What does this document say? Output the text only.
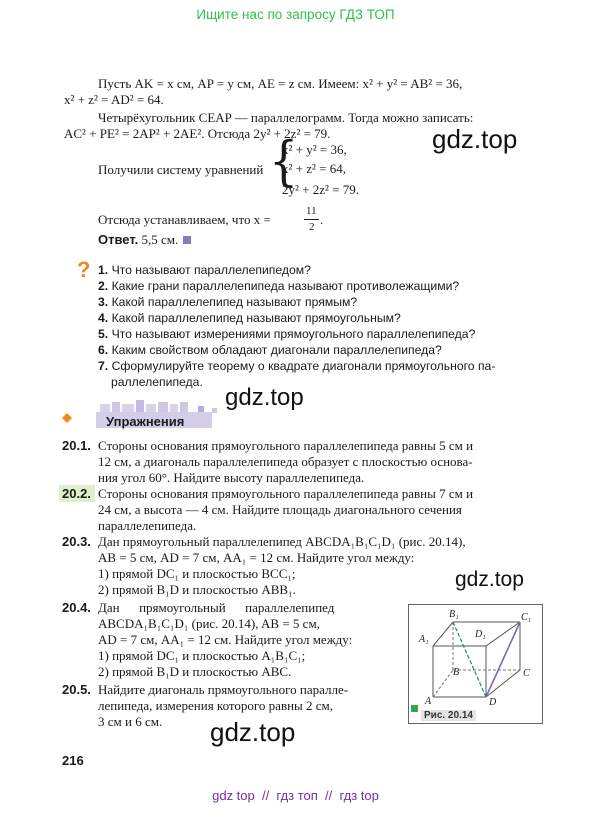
Ищите нас по запросу ГДЗ ТОП
Пусть AK = x см, AP = y см, AE = z см. Имеем: x² + y² = AB² = 36,
x² + z² = AD² = 64.
Четырёхугольник CEAP — параллелограмм. Тогда можно записать:
AC² + PE² = 2AP² + 2AE². Отсюда 2y² + 2z² = 79.
Получили систему уравнений {
x² + y² = 36,
x² + z² = 64,
2y² + 2z² = 79.
Отсюда устанавливаем, что x =
11
2 .
Ответ. 5,5 см.
gdz.top
gdz.top
gdz.top
gdz.top
? 1. Что называют параллелепипедом?
2. Какие грани параллелепипеда называют противолежащими?
3. Какой параллелепипед называют прямым?
4. Какой параллелепипед называют прямоугольным?
5. Что называют измерениями прямоугольного параллелепипеда?
6. Каким свойством обладают диагонали параллелепипеда?
7. Сформулируйте теорему о квадрате диагонали прямоугольного па-
раллелепипеда.
Упражнения
20.1. Стороны основания прямоугольного параллелепипеда равны 5 см и
12 см, а диагональ параллелепипеда образует с плоскостью основа-
ния угол 60°. Найдите высоту параллелепипеда.
20.2. Стороны основания прямоугольного параллелепипеда равны 7 см и
24 см, а высота — 4 см. Найдите площадь диагонального сечения
параллелепипеда.
20.3. Дан прямоугольный параллелепипед ABCDA₁B₁C₁D₁ (рис. 20.14),
AB = 5 см, AD = 7 см, AA₁ = 12 см. Найдите угол между:
1) прямой DC₁ и плоскостью BCC₁;
2) прямой B₁D и плоскостью ABB₁.
20.4. Дан      прямоугольный      параллелепипед
ABCDA₁B₁C₁D₁ (рис. 20.14), AB = 5 см,
AD = 7 см, AA₁ = 12 см. Найдите угол между:
1) прямой DC₁ и плоскостью A₁B₁C₁;
2) прямой B₁D и плоскостью ABC.
20.5. Найдите диагональ прямоугольного паралле-
лепипеда, измерения которого равны 2 см,
3 см и 6 см.
B₁	C₁
D₁
A₁
B	C
D
A
Рис. 20.14
216
gdz top  //  гдз топ  //  гдз top
